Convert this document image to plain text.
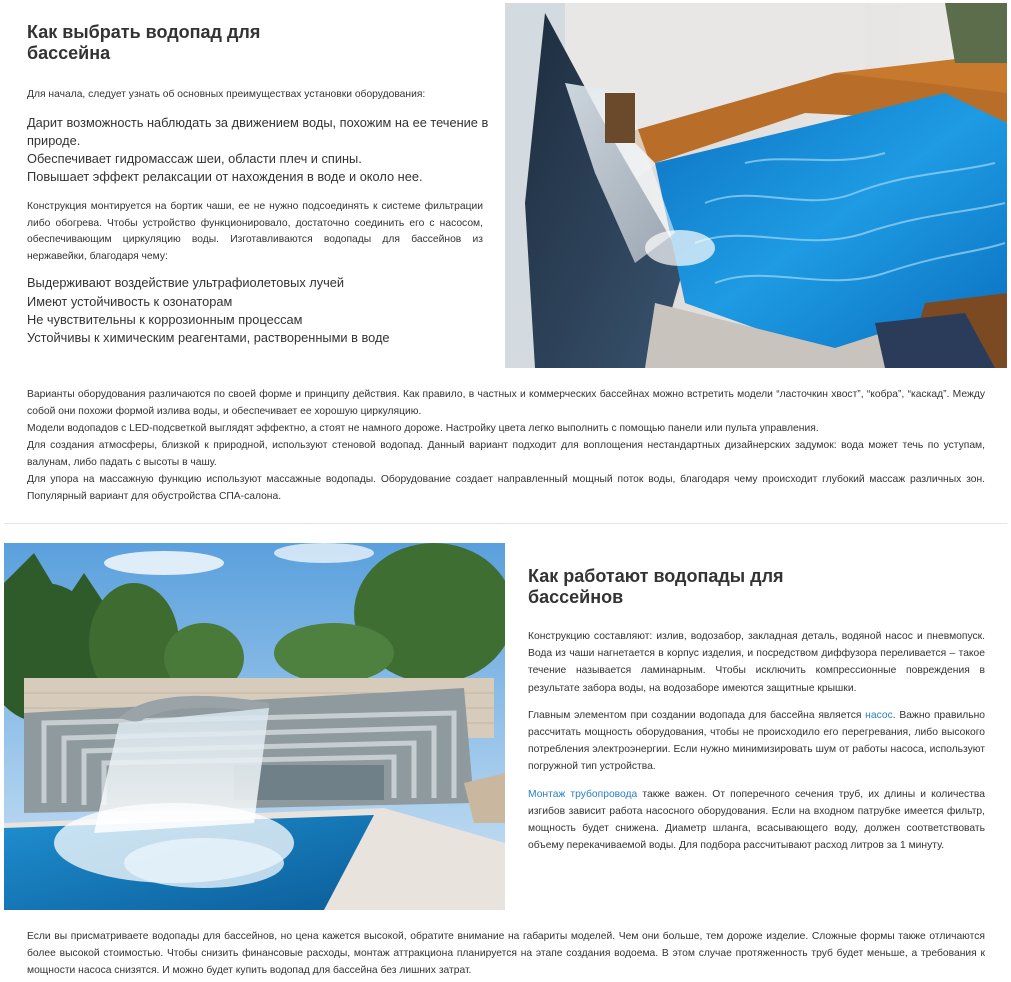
Как выбрать водопад для бассейна

Для начала, следует узнать об основных преимуществах установки оборудования:

Дарит возможность наблюдать за движением воды, похожим на ее течение в
природе.
Обеспечивает гидромассаж шеи, области плеч и спины.
Повышает эффект релаксации от нахождения в воде и около нее.

Конструкция монтируется на бортик чаши, ее не нужно подсоединять к системе фильтрации либо обогрева. Чтобы устройство функционировало, достаточно соединить его с насосом, обеспечивающим циркуляцию воды. Изготавливаются водопады для бассейнов из нержавейки, благодаря чему:

Выдерживают воздействие ультрафиолетовых лучей
Имеют устойчивость к озонаторам
Не чувствительны к коррозионным процессам
Устойчивы к химическим реагентами, растворенными в воде

Варианты оборудования различаются по своей форме и принципу действия. Как правило, в частных и коммерческих бассейнах можно встретить модели “ласточкин хвост”, “кобра”, “каскад”. Между собой они похожи формой излива воды, и обеспечивает ее хорошую циркуляцию.

Модели водопадов с LED-подсветкой выглядят эффектно, а стоят не намного дороже. Настройку цвета легко выполнить с помощью панели или пульта управления.

Для создания атмосферы, близкой к природной, используют стеновой водопад. Данный вариант подходит для воплощения нестандартных дизайнерских задумок: вода может течь по уступам, валунам, либо падать с высоты в чашу.

Для упора на массажную функцию используют массажные водопады. Оборудование создает направленный мощный поток воды, благодаря чему происходит глубокий массаж различных зон. Популярный вариант для обустройства СПА-салона.

Как работают водопады для бассейнов

Конструкцию составляют: излив, водозабор, закладная деталь, водяной насос и пневмопуск. Вода из чаши нагнетается в корпус изделия, и посредством диффузора переливается – такое течение называется ламинарным. Чтобы исключить компрессионные повреждения в результате забора воды, на водозаборе имеются защитные крышки.

Главным элементом при создании водопада для бассейна является насос. Важно правильно рассчитать мощность оборудования, чтобы не происходило его перегревания, либо высокого потребления электроэнергии. Если нужно минимизировать шум от работы насоса, используют погружной тип устройства.

Монтаж трубопровода также важен. От поперечного сечения труб, их длины и количества изгибов зависит работа насосного оборудования. Если на входном патрубке имеется фильтр, мощность будет снижена. Диаметр шланга, всасывающего воду, должен соответствовать объему перекачиваемой воды. Для подбора рассчитывают расход литров за 1 минуту.

Если вы присматриваете водопады для бассейнов, но цена кажется высокой, обратите внимание на габариты моделей. Чем они больше, тем дороже изделие. Сложные формы также отличаются более высокой стоимостью. Чтобы снизить финансовые расходы, монтаж аттракциона планируется на этапе создания водоема. В этом случае протяженность труб будет меньше, а требования к мощности насоса снизятся. И можно будет купить водопад для бассейна без лишних затрат.
